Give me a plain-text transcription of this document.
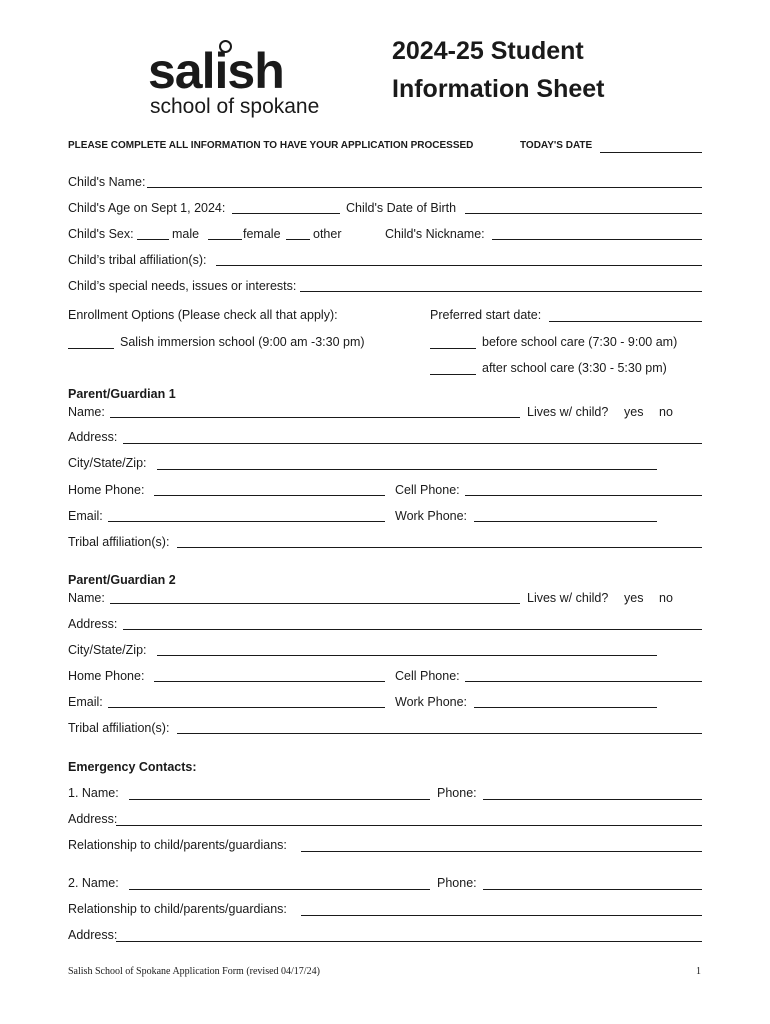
salish
school of spokane
2024-25 Student
Information Sheet
PLEASE COMPLETE ALL INFORMATION TO HAVE YOUR APPLICATION PROCESSED	TODAY'S DATE
Child's Name:
Child's Age on Sept 1, 2024:	Child's Date of Birth
Child's Sex:	male	female	other	Child's Nickname:
Child’s tribal affiliation(s):
Child’s special needs, issues or interests:
Enrollment Options (Please check all that apply):	Preferred start date:
Salish immersion school (9:00 am -3:30 pm)	before school care (7:30 - 9:00 am)
after school care (3:30 - 5:30 pm)
Parent/Guardian 1
Name:	Lives w/ child? yes no
Address:
City/State/Zip:
Home Phone:	Cell Phone:
Email:	Work Phone:
Tribal affiliation(s):
Parent/Guardian 2
Name:	Lives w/ child? yes no
Address:
City/State/Zip:
Home Phone:	Cell Phone:
Email:	Work Phone:
Tribal affiliation(s):
Emergency Contacts:
1. Name:	Phone:
Address:
Relationship to child/parents/guardians:
2. Name:	Phone:
Relationship to child/parents/guardians:
Address:
Salish School of Spokane Application Form (revised 04/17/24)	1
